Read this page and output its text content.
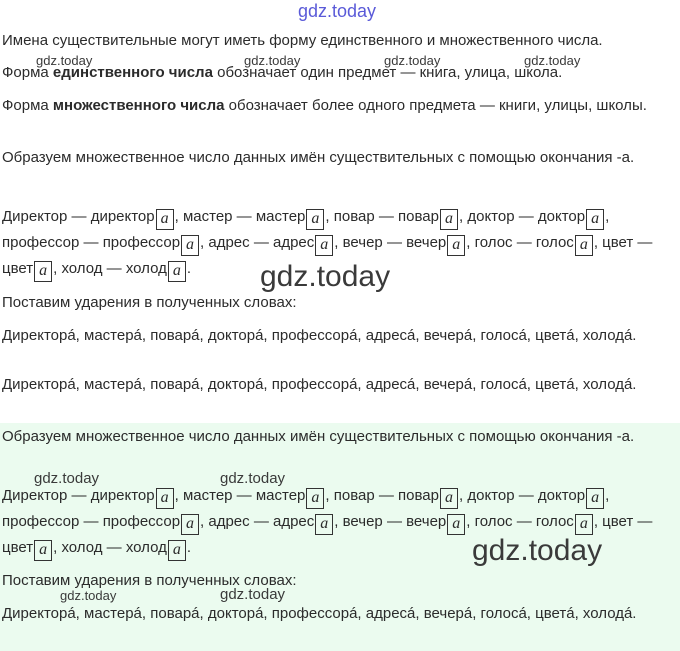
gdz.today

Имена существительные могут иметь форму единственного и множественного числа.

Форма единственного числа обозначает один предмет — книга, улица, школа.

Форма множественного числа обозначает более одного предмета — книги, улицы, школы.

Образуем множественное число данных имён существительных с помощью окончания -а.

Директор — директор а , мастер — мастер а , повар — повар а , доктор — доктор а , профессор — профессор а , адрес — адрес а , вечер — вечер а , голос — голос а , цвет — цвет а , холод — холод а .

Поставим ударения в полученных словах:

Директорá, мастерá, поварá, докторá, профессорá, адресá, вечерá, голосá, цветá, холодá.

Директорá, мастерá, поварá, докторá, профессорá, адресá, вечерá, голосá, цветá, холодá.

Образуем множественное число данных имён существительных с помощью окончания -а.

Директор — директор а , мастер — мастер а , повар — повар а , доктор — доктор а , профессор — профессор а , адрес — адрес а , вечер — вечер а , голос — голос а , цвет — цвет а , холод — холод а .

Поставим ударения в полученных словах:

Директорá, мастерá, поварá, докторá, профессорá, адресá, вечерá, голосá, цветá, холодá.

gdz.today	gdz.today	gdz.today	gdz.today
gdz.today
gdz.today	gdz.today
gdz.today
gdz.today	gdz.today
